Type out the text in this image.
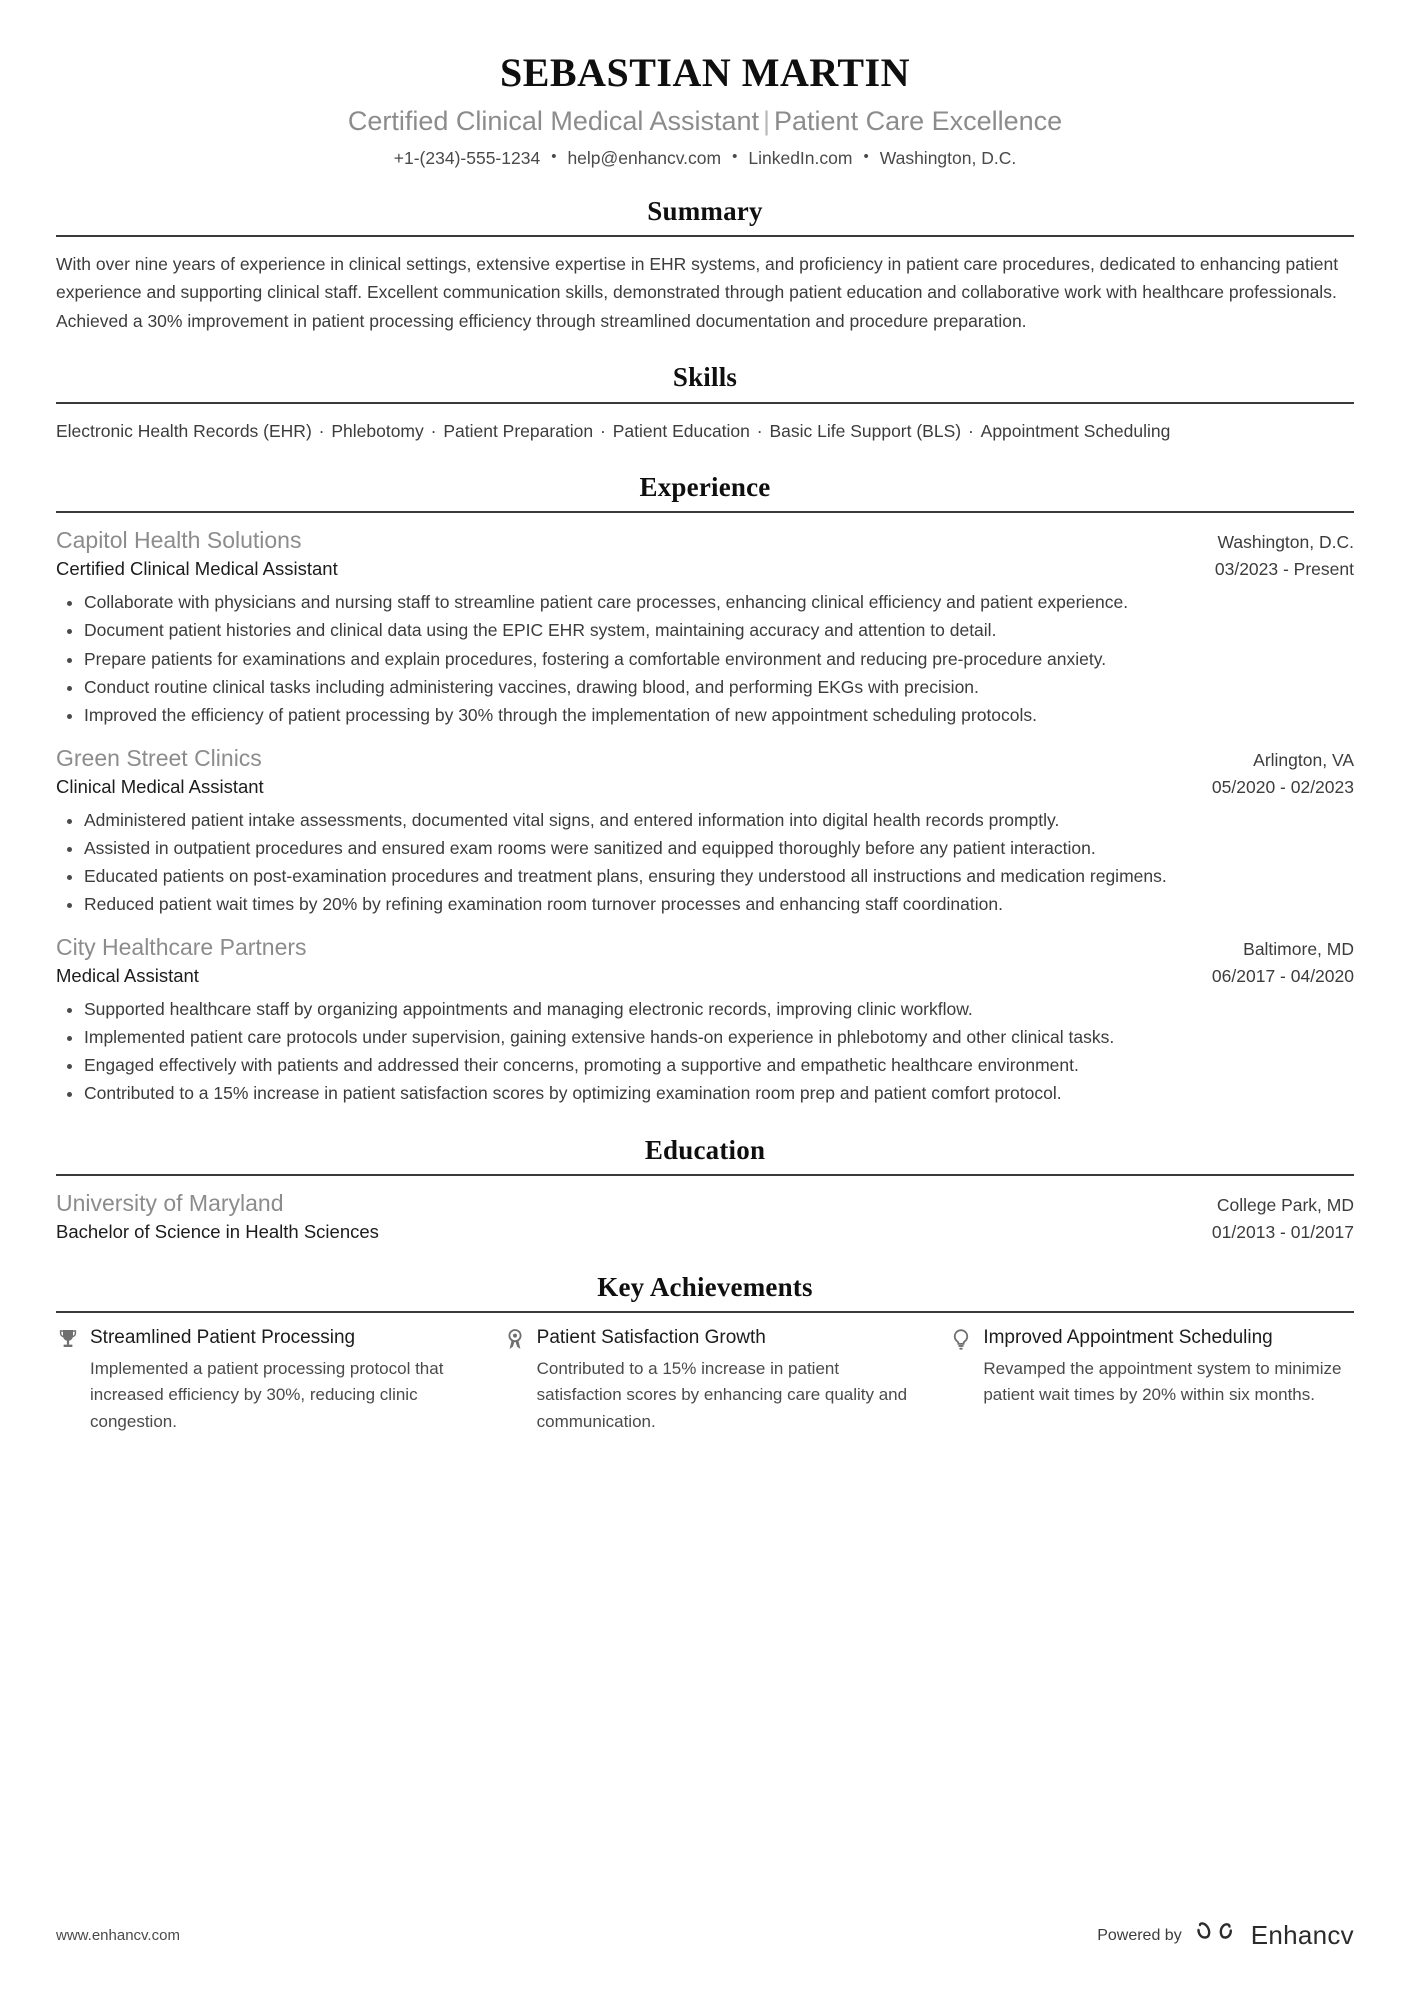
SEBASTIAN MARTIN
Certified Clinical Medical Assistant | Patient Care Excellence
+1-(234)-555-1234 • help@enhancv.com • LinkedIn.com • Washington, D.C.
Summary
With over nine years of experience in clinical settings, extensive expertise in EHR systems, and proficiency in patient care procedures, dedicated to enhancing patient experience and supporting clinical staff. Excellent communication skills, demonstrated through patient education and collaborative work with healthcare professionals. Achieved a 30% improvement in patient processing efficiency through streamlined documentation and procedure preparation.
Skills
Electronic Health Records (EHR) · Phlebotomy · Patient Preparation · Patient Education · Basic Life Support (BLS) · Appointment Scheduling
Experience
Capitol Health Solutions	Washington, D.C.
Certified Clinical Medical Assistant	03/2023 - Present
Collaborate with physicians and nursing staff to streamline patient care processes, enhancing clinical efficiency and patient experience.
Document patient histories and clinical data using the EPIC EHR system, maintaining accuracy and attention to detail.
Prepare patients for examinations and explain procedures, fostering a comfortable environment and reducing pre-procedure anxiety.
Conduct routine clinical tasks including administering vaccines, drawing blood, and performing EKGs with precision.
Improved the efficiency of patient processing by 30% through the implementation of new appointment scheduling protocols.
Green Street Clinics	Arlington, VA
Clinical Medical Assistant	05/2020 - 02/2023
Administered patient intake assessments, documented vital signs, and entered information into digital health records promptly.
Assisted in outpatient procedures and ensured exam rooms were sanitized and equipped thoroughly before any patient interaction.
Educated patients on post-examination procedures and treatment plans, ensuring they understood all instructions and medication regimens.
Reduced patient wait times by 20% by refining examination room turnover processes and enhancing staff coordination.
City Healthcare Partners	Baltimore, MD
Medical Assistant	06/2017 - 04/2020
Supported healthcare staff by organizing appointments and managing electronic records, improving clinic workflow.
Implemented patient care protocols under supervision, gaining extensive hands-on experience in phlebotomy and other clinical tasks.
Engaged effectively with patients and addressed their concerns, promoting a supportive and empathetic healthcare environment.
Contributed to a 15% increase in patient satisfaction scores by optimizing examination room prep and patient comfort protocol.
Education
University of Maryland	College Park, MD
Bachelor of Science in Health Sciences	01/2013 - 01/2017
Key Achievements
Streamlined Patient Processing
Implemented a patient processing protocol that increased efficiency by 30%, reducing clinic congestion.
Patient Satisfaction Growth
Contributed to a 15% increase in patient satisfaction scores by enhancing care quality and communication.
Improved Appointment Scheduling
Revamped the appointment system to minimize patient wait times by 20% within six months.
www.enhancv.com	Powered by	Enhancv
